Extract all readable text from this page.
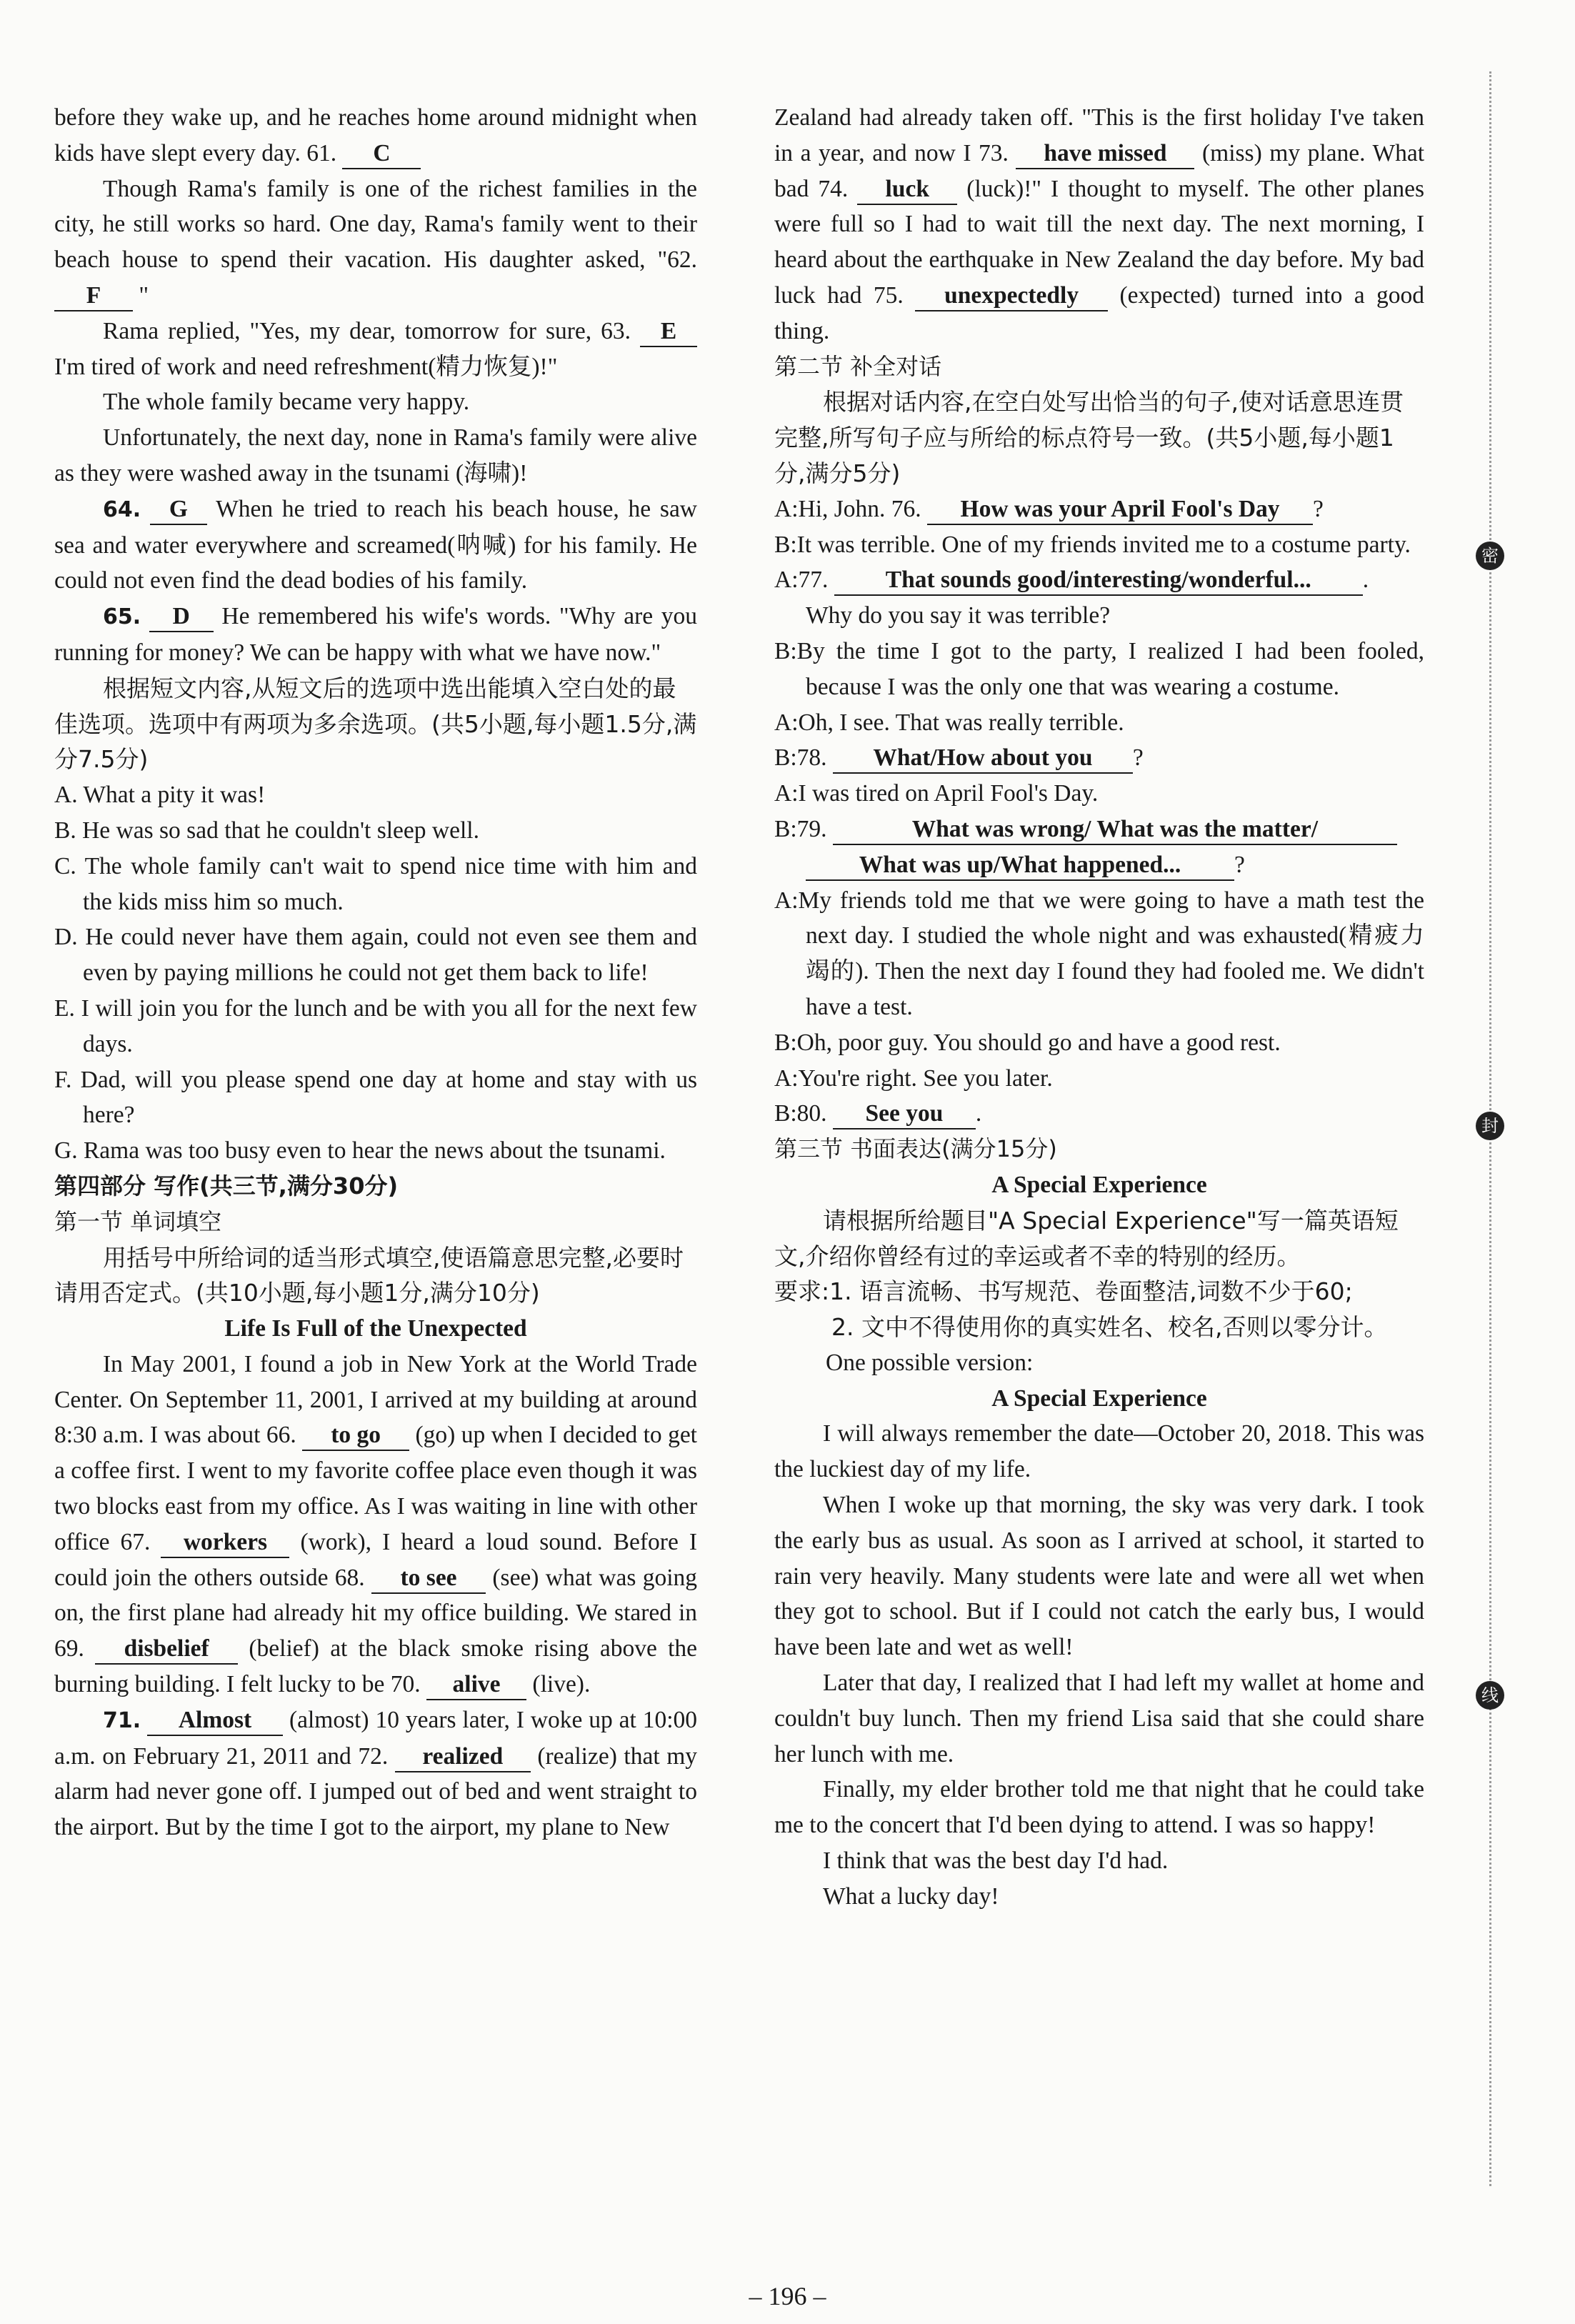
before they wake up, and he reaches home around midnight when kids have slept every day. 61. C

Though Rama's family is one of the richest families in the city, he still works so hard. One day, Rama's family went to their beach house to spend their vacation. His daughter asked, "62. F "

Rama replied, "Yes, my dear, tomorrow for sure, 63. E I'm tired of work and need refreshment(精力恢复)!"

The whole family became very happy.

Unfortunately, the next day, none in Rama's family were alive as they were washed away in the tsunami (海啸)!

64. G When he tried to reach his beach house, he saw sea and water everywhere and screamed(呐喊) for his family. He could not even find the dead bodies of his family.

65. D He remembered his wife's words. "Why are you running for money? We can be happy with what we have now."

根据短文内容,从短文后的选项中选出能填入空白处的最佳选项。选项中有两项为多余选项。(共5小题,每小题1.5分,满分7.5分)

A. What a pity it was!

B. He was so sad that he couldn't sleep well.

C. The whole family can't wait to spend nice time with him and the kids miss him so much.

D. He could never have them again, could not even see them and even by paying millions he could not get them back to life!

E. I will join you for the lunch and be with you all for the next few days.

F. Dad, will you please spend one day at home and stay with us here?

G. Rama was too busy even to hear the news about the tsunami.

第四部分 写作(共三节,满分30分)

第一节 单词填空

用括号中所给词的适当形式填空,使语篇意思完整,必要时请用否定式。(共10小题,每小题1分,满分10分)

Life Is Full of the Unexpected

In May 2001, I found a job in New York at the World Trade Center. On September 11, 2001, I arrived at my building at around 8:30 a.m. I was about 66. to go (go) up when I decided to get a coffee first. I went to my favorite coffee place even though it was two blocks east from my office. As I was waiting in line with other office 67. workers (work), I heard a loud sound. Before I could join the others outside 68. to see (see) what was going on, the first plane had already hit my office building. We stared in 69. disbelief (belief) at the black smoke rising above the burning building. I felt lucky to be 70. alive (live).

71. Almost (almost) 10 years later, I woke up at 10:00 a.m. on February 21, 2011 and 72. realized (realize) that my alarm had never gone off. I jumped out of bed and went straight to the airport. But by the time I got to the airport, my plane to New

Zealand had already taken off. "This is the first holiday I've taken in a year, and now I 73. have missed (miss) my plane. What bad 74. luck (luck)!" I thought to myself. The other planes were full so I had to wait till the next day. The next morning, I heard about the earthquake in New Zealand the day before. My bad luck had 75. unexpectedly (expected) turned into a good thing.

第二节 补全对话

根据对话内容,在空白处写出恰当的句子,使对话意思连贯完整,所写句子应与所给的标点符号一致。(共5小题,每小题1分,满分5分)

A:Hi, John. 76. How was your April Fool's Day ?

B:It was terrible. One of my friends invited me to a costume party.

A:77. That sounds good/interesting/wonderful... .

Why do you say it was terrible?

B:By the time I got to the party, I realized I had been fooled, because I was the only one that was wearing a costume.

A:Oh, I see. That was really terrible.

B:78. What/How about you ?

A:I was tired on April Fool's Day.

B:79.	What was wrong/ What was the matter/

What was up/What happened... ?

A:My friends told me that we were going to have a math test the next day. I studied the whole night and was exhausted(精疲力竭的). Then the next day I found they had fooled me. We didn't have a test.

B:Oh, poor guy. You should go and have a good rest.

A:You're right. See you later.

B:80. See you .

第三节 书面表达(满分15分)

A Special Experience

请根据所给题目"A Special Experience"写一篇英语短文,介绍你曾经有过的幸运或者不幸的特别的经历。

要求:1. 语言流畅、书写规范、卷面整洁,词数不少于60;

2. 文中不得使用你的真实姓名、校名,否则以零分计。

One possible version:

A Special Experience

I will always remember the date—October 20, 2018. This was the luckiest day of my life.

When I woke up that morning, the sky was very dark. I took the early bus as usual. As soon as I arrived at school, it started to rain very heavily. Many students were late and were all wet when they got to school. But if I could not catch the early bus, I would have been late and wet as well!

Later that day, I realized that I had left my wallet at home and couldn't buy lunch. Then my friend Lisa said that she could share her lunch with me.

Finally, my elder brother told me that night that he could take me to the concert that I'd been dying to attend. I was so happy!

I think that was the best day I'd had.

What a lucky day!

密
封
线
– 196 –
